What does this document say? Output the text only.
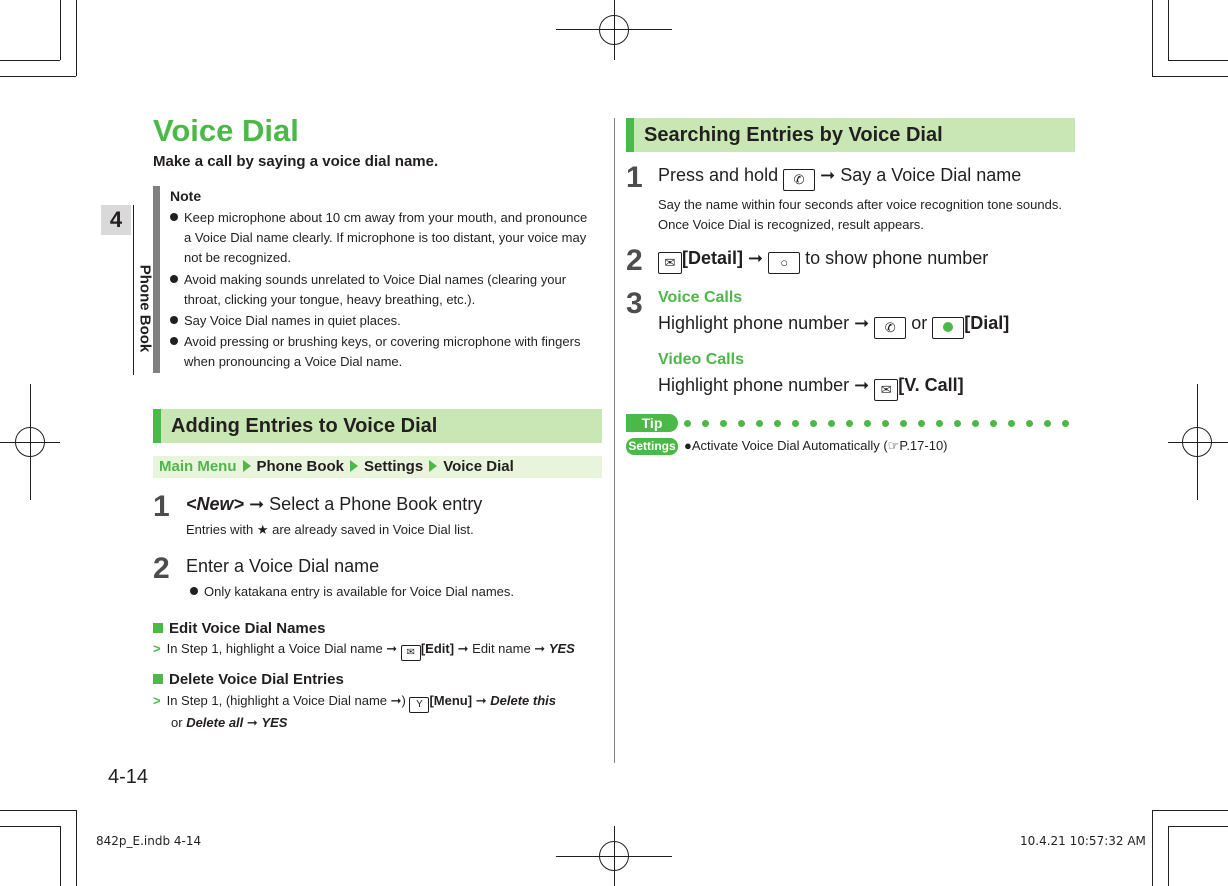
4
Phone Book
Voice Dial
Make a call by saying a voice dial name.
Note
Keep microphone about 10 cm away from your mouth, and pronounce a Voice Dial name clearly. If microphone is too distant, your voice may not be recognized.
Avoid making sounds unrelated to Voice Dial names (clearing your throat, clicking your tongue, heavy breathing, etc.).
Say Voice Dial names in quiet places.
Avoid pressing or brushing keys, or covering microphone with fingers when pronouncing a Voice Dial name.
Adding Entries to Voice Dial
Main Menu Phone Book Settings Voice Dial
1 <New> ➞ Select a Phone Book entry
Entries with ★ are already saved in Voice Dial list.
2 Enter a Voice Dial name
Only katakana entry is available for Voice Dial names.
Edit Voice Dial Names
> In Step 1, highlight a Voice Dial name ➞ ✉ [Edit] ➞ Edit name ➞ YES
Delete Voice Dial Entries
> In Step 1, (highlight a Voice Dial name ➞) Y [Menu] ➞ Delete this
or Delete all ➞ YES
Searching Entries by Voice Dial
1 Press and hold ✆ ➞ Say a Voice Dial name
Say the name within four seconds after voice recognition tone sounds.
Once Voice Dial is recognized, result appears.
2	✉ [Detail] ➞ ○ to show phone number
3 Voice Calls
Highlight phone number ➞ ✆ or [Dial]
Video Calls
Highlight phone number ➞ ✉ [V. Call]
Tip
Settings ●Activate Voice Dial Automatically (☞P.17-10)
4-14
842p_E.indb 4-14	10.4.21 10:57:32 AM
